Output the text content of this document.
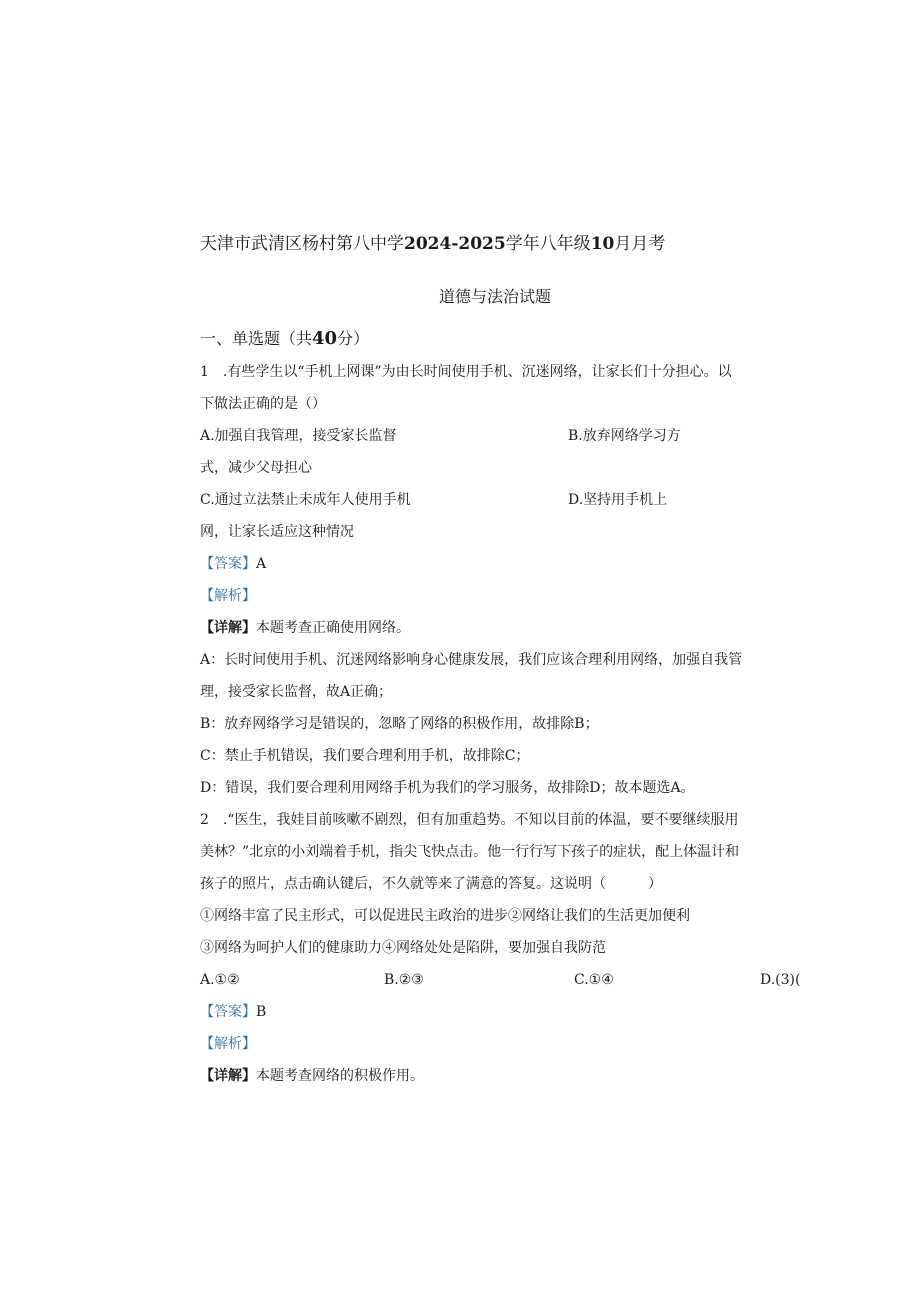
天津市武清区杨村第八中学2024-2025学年八年级10月月考
道德与法治试题
一、单选题（共40分）
1　.有些学生以“手机上网课”为由长时间使用手机、沉迷网络，让家长们十分担心。以
下做法正确的是（）
A.加强自我管理，接受家长监督	B.放弃网络学习方
式，减少父母担心
C.通过立法禁止未成年人使用手机	D.坚持用手机上
网，让家长适应这种情况
【答案】A
【解析】
【详解】本题考查正确使用网络。
A：长时间使用手机、沉迷网络影响身心健康发展，我们应该合理利用网络，加强自我管
理，接受家长监督，故A正确；
B：放弃网络学习是错误的，忽略了网络的积极作用，故排除B；
C：禁止手机错误，我们要合理利用手机，故排除C；
D：错误，我们要合理利用网络手机为我们的学习服务，故排除D；故本题选A。
2　.“医生，我娃目前咳嗽不剧烈，但有加重趋势。不知以目前的体温，要不要继续服用
美林？”北京的小刘端着手机，指尖飞快点击。他一行行写下孩子的症状，配上体温计和
孩子的照片，点击确认键后，不久就等来了满意的答复。这说明（　　　）
①网络丰富了民主形式，可以促进民主政治的进步②网络让我们的生活更加便利
③网络为呵护人们的健康助力④网络处处是陷阱，要加强自我防范
A.①②	B.②③	C.①④	D.(3)(
【答案】B
【解析】
【详解】本题考查网络的积极作用。
